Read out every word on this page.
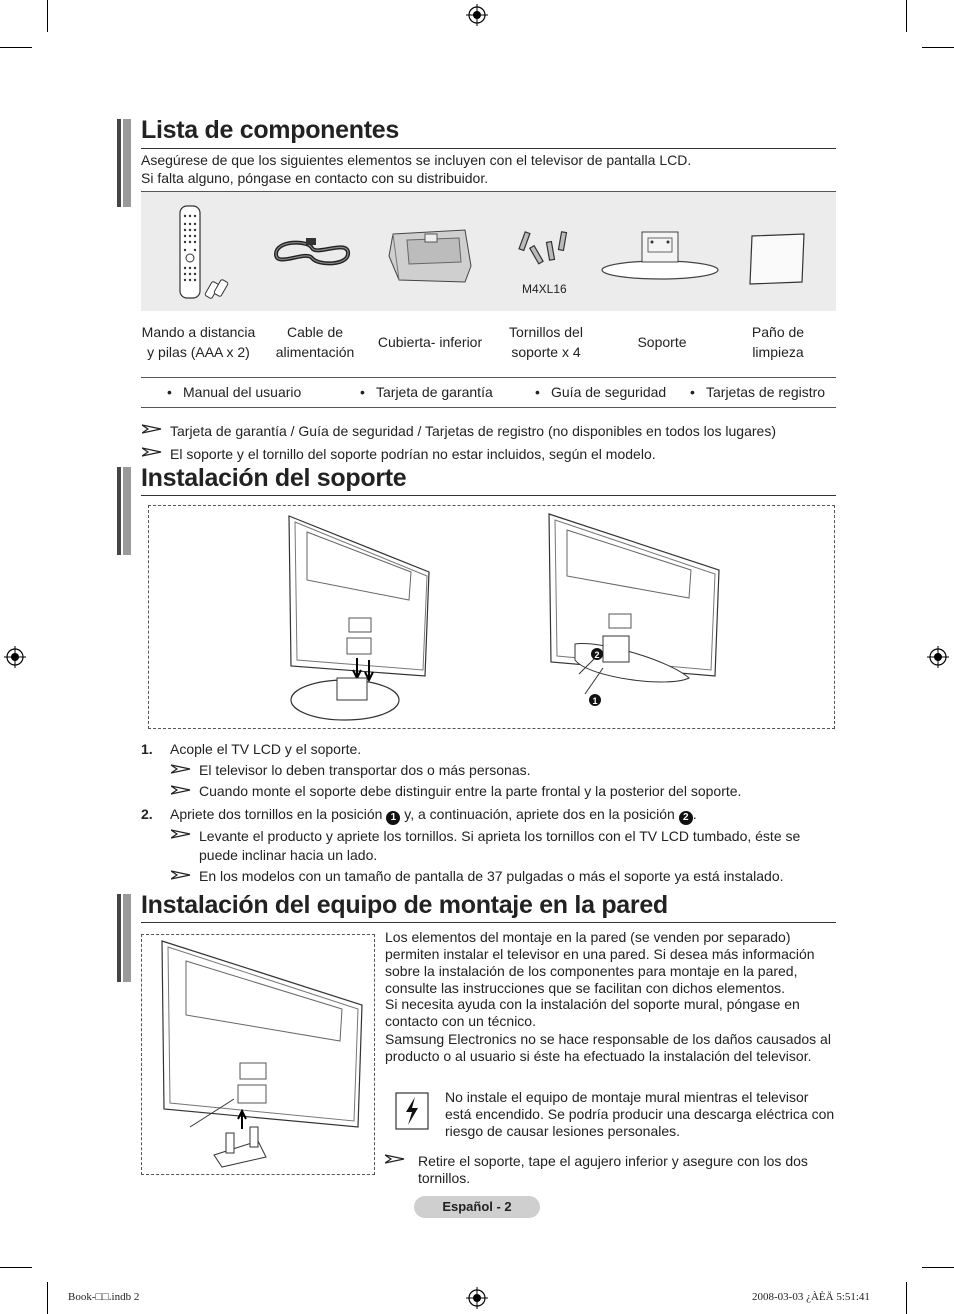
Lista de componentes
Asegúrese de que los siguientes elementos se incluyen con el televisor de pantalla LCD.
Si falta alguno, póngase en contacto con su distribuidor.
M4XL16
Mando a distancia y pilas (AAA x 2)
Cable de alimentación
Cubierta- inferior
Tornillos del soporte x 4
Soporte
Paño de limpieza
• Manual del usuario	• Tarjeta de garantía	• Guía de seguridad	• Tarjetas de registro
Tarjeta de garantía / Guía de seguridad / Tarjetas de registro (no disponibles en todos los lugares)
El soporte y el tornillo del soporte podrían no estar incluidos, según el modelo.
Instalación del soporte
2
1
1. Acople el TV LCD y el soporte.
El televisor lo deben transportar dos o más personas.
Cuando monte el soporte debe distinguir entre la parte frontal y la posterior del soporte.
2. Apriete dos tornillos en la posición 1 y, a continuación, apriete dos en la posición 2 .
Levante el producto y apriete los tornillos. Si aprieta los tornillos con el TV LCD tumbado, éste se puede inclinar hacia un lado.
En los modelos con un tamaño de pantalla de 37 pulgadas o más el soporte ya está instalado.
Instalación del equipo de montaje en la pared
Los elementos del montaje en la pared (se venden por separado) permiten instalar el televisor en una pared. Si desea más información sobre la instalación de los componentes para montaje en la pared, consulte las instrucciones que se facilitan con dichos elementos.
Si necesita ayuda con la instalación del soporte mural, póngase en contacto con un técnico.
Samsung Electronics no se hace responsable de los daños causados al producto o al usuario si éste ha efectuado la instalación del televisor.
No instale el equipo de montaje mural mientras el televisor está encendido. Se podría producir una descarga eléctrica con riesgo de causar lesiones personales.
Retire el soporte, tape el agujero inferior y asegure con los dos tornillos.
Español - 2
Book-□□.indb 2	2008-03-03 ¿ÀÈÄ 5:51:41
